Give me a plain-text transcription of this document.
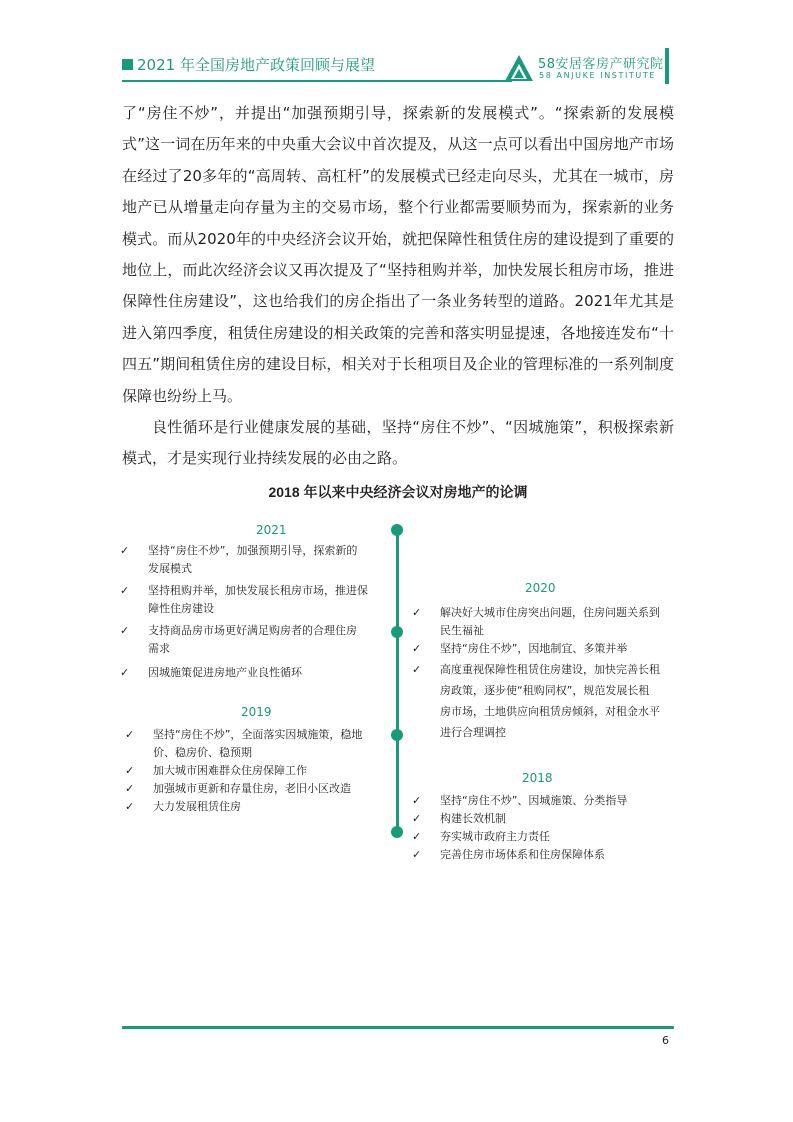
2021 年全国房地产政策回顾与展望	58安居客房产研究院
58 ANJUKE INSTITUTE

了“房住不炒”，并提出“加强预期引导，探索新的发展模式”。“探索新的发展模式”这一词在历年来的中央重大会议中首次提及，从这一点可以看出中国房地产市场在经过了20多年的“高周转、高杠杆”的发展模式已经走向尽头，尤其在一城市，房地产已从增量走向存量为主的交易市场，整个行业都需要顺势而为，探索新的业务模式。而从2020年的中央经济会议开始，就把保障性租赁住房的建设提到了重要的地位上，而此次经济会议又再次提及了“坚持租购并举，加快发展长租房市场，推进保障性住房建设”，这也给我们的房企指出了一条业务转型的道路。2021年尤其是进入第四季度，租赁住房建设的相关政策的完善和落实明显提速，各地接连发布“十四五”期间租赁住房的建设目标，相关对于长租项目及企业的管理标准的一系列制度保障也纷纷上马。

良性循环是行业健康发展的基础，坚持“房住不炒”、“因城施策”，积极探索新模式，才是实现行业持续发展的必由之路。

2018 年以来中央经济会议对房地产的论调
2021
✓ 坚持“房住不炒”，加强预期引导，探索新的
发展模式
✓ 坚持租购并举，加快发展长租房市场，推进保
障性住房建设
✓ 支持商品房市场更好满足购房者的合理住房
需求
✓ 因城施策促进房地产业良性循环
2019
✓ 坚持“房住不炒”，全面落实因城施策，稳地
价、稳房价、稳预期
✓ 加大城市困难群众住房保障工作
✓ 加强城市更新和存量住房，老旧小区改造
✓ 大力发展租赁住房
2020
✓ 解决好大城市住房突出问题，住房问题关系到
民生福祉
✓ 坚持“房住不炒”，因地制宜、多策并举
✓ 高度重视保障性租赁住房建设，加快完善长租
房政策，逐步使“租购同权”，规范发展长租
房市场，土地供应向租赁房倾斜，对租金水平
进行合理调控
2018
✓ 坚持“房住不炒”、因城施策、分类指导
✓ 构建长效机制
✓ 夯实城市政府主力责任
✓ 完善住房市场体系和住房保障体系
6
